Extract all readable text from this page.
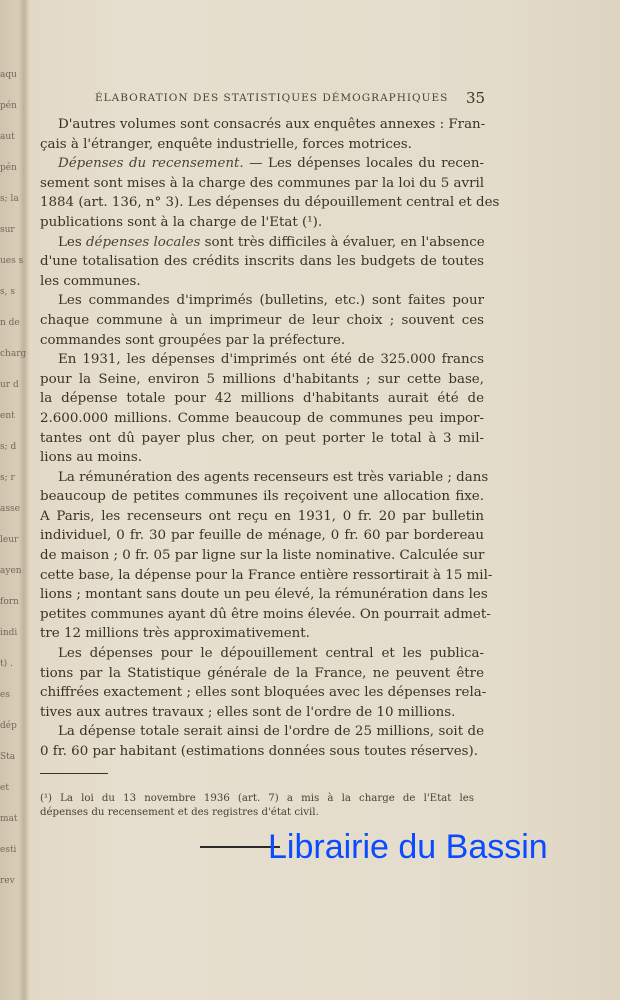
aqu
pén
aut
pén
s; la
sur
ues s
s, s
n de
charg
ur d
ent
s; d
s; r
asse
leur
ayen
forn
indi
t) .
es
dép
Sta
et
mat
esti
rev
ÉLABORATION DES STATISTIQUES DÉMOGRAPHIQUES	35
D'autres volumes sont consacrés aux enquêtes annexes : Fran-
çais à l'étranger, enquête industrielle, forces motrices.
Dépenses du recensement. — Les dépenses locales du recen-
sement sont mises à la charge des communes par la loi du 5 avril
1884 (art. 136, n° 3). Les dépenses du dépouillement central et des
publications sont à la charge de l'Etat (¹).
Les dépenses locales sont très difficiles à évaluer, en l'absence
d'une totalisation des crédits inscrits dans les budgets de toutes
les communes.
Les commandes d'imprimés (bulletins, etc.) sont faites pour
chaque commune à un imprimeur de leur choix ; souvent ces
commandes sont groupées par la préfecture.
En 1931, les dépenses d'imprimés ont été de 325.000 francs
pour la Seine, environ 5 millions d'habitants ; sur cette base,
la dépense totale pour 42 millions d'habitants aurait été de
2.600.000 millions. Comme beaucoup de communes peu impor-
tantes ont dû payer plus cher, on peut porter le total à 3 mil-
lions au moins.
La rémunération des agents recenseurs est très variable ; dans
beaucoup de petites communes ils reçoivent une allocation fixe.
A Paris, les recenseurs ont reçu en 1931, 0 fr. 20 par bulletin
individuel, 0 fr. 30 par feuille de ménage, 0 fr. 60 par bordereau
de maison ; 0 fr. 05 par ligne sur la liste nominative. Calculée sur
cette base, la dépense pour la France entière ressortirait à 15 mil-
lions ; montant sans doute un peu élevé, la rémunération dans les
petites communes ayant dû être moins élevée. On pourrait admet-
tre 12 millions très approximativement.
Les dépenses pour le dépouillement central et les publica-
tions par la Statistique générale de la France, ne peuvent être
chiffrées exactement ; elles sont bloquées avec les dépenses rela-
tives aux autres travaux ; elles sont de l'ordre de 10 millions.
La dépense totale serait ainsi de l'ordre de 25 millions, soit de
0 fr. 60 par habitant (estimations données sous toutes réserves).
(¹) La loi du 13 novembre 1936 (art. 7) a mis à la charge de l'Etat les
dépenses du recensement et des registres d'état civil.
Librairie du Bassin
